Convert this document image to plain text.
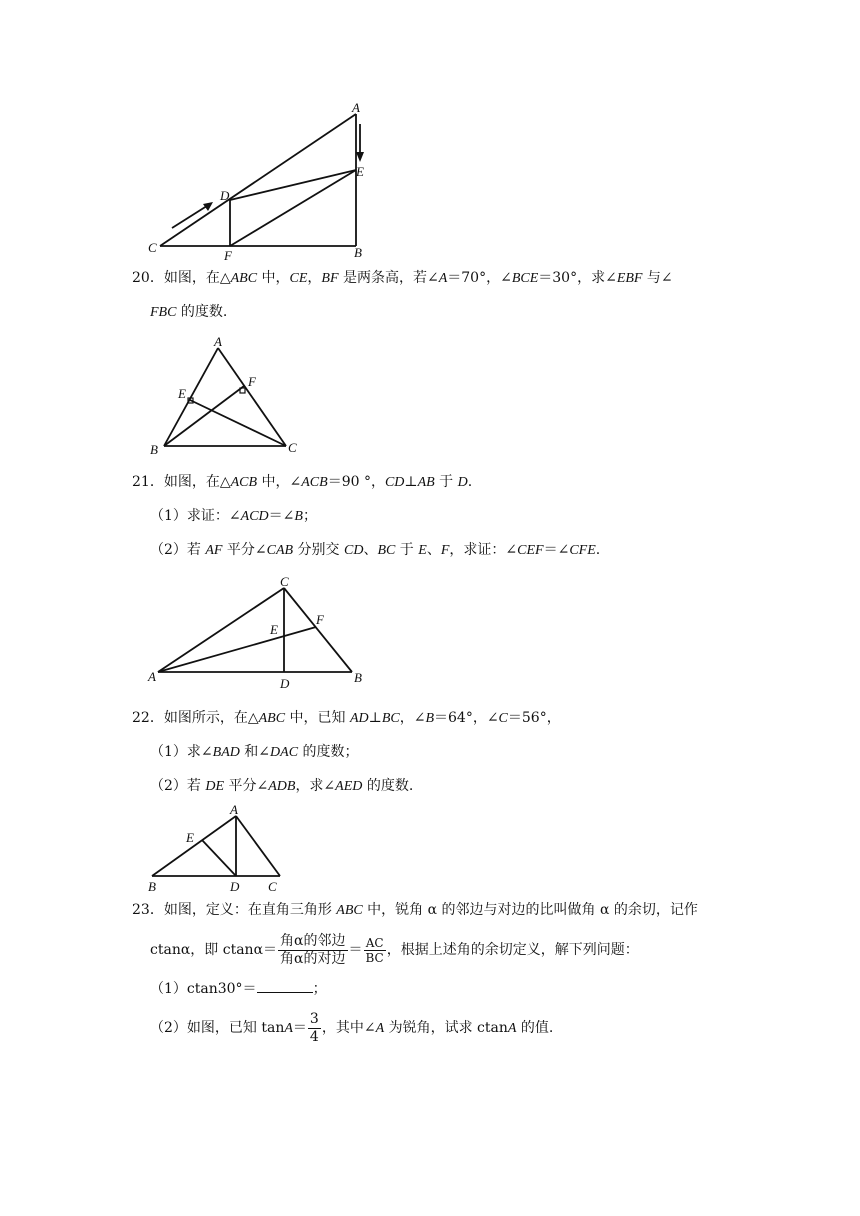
A
E
D
C
F	B
20．如图，在△ABC 中，CE，BF 是两条高，若∠A＝70°，∠BCE＝30°，求∠EBF 与∠
FBC 的度数.
A
E
F
B	C
21．如图，在△ACB 中，∠ACB＝90 °，CD⊥AB 于 D.
（1）求证：∠ACD＝∠B；
（2）若 AF 平分∠CAB 分别交 CD、BC 于 E、F，求证：∠CEF＝∠CFE.
C
E
F
A	D	B
22．如图所示，在△ABC 中，已知 AD⊥BC，∠B＝64°，∠C＝56°，
（1）求∠BAD 和∠DAC 的度数；
（2）若 DE 平分∠ADB，求∠AED 的度数.
A
E
B	D C
23．如图，定义：在直角三角形 ABC 中，锐角 α 的邻边与对边的比叫做角 α 的余切，记作
ctanα，即 $ctan\alpha= \frac{\text{角α的邻边}}{\text{角α的对边}} = \frac{AC}{BC}$ ，根据上述角的余切定义，解下列问题：
（1）ctan30°＝	；
（2）如图，已知 $\tan A= \frac{3}{4}$ ，其中∠A 为锐角，试求 ctanA 的值.
